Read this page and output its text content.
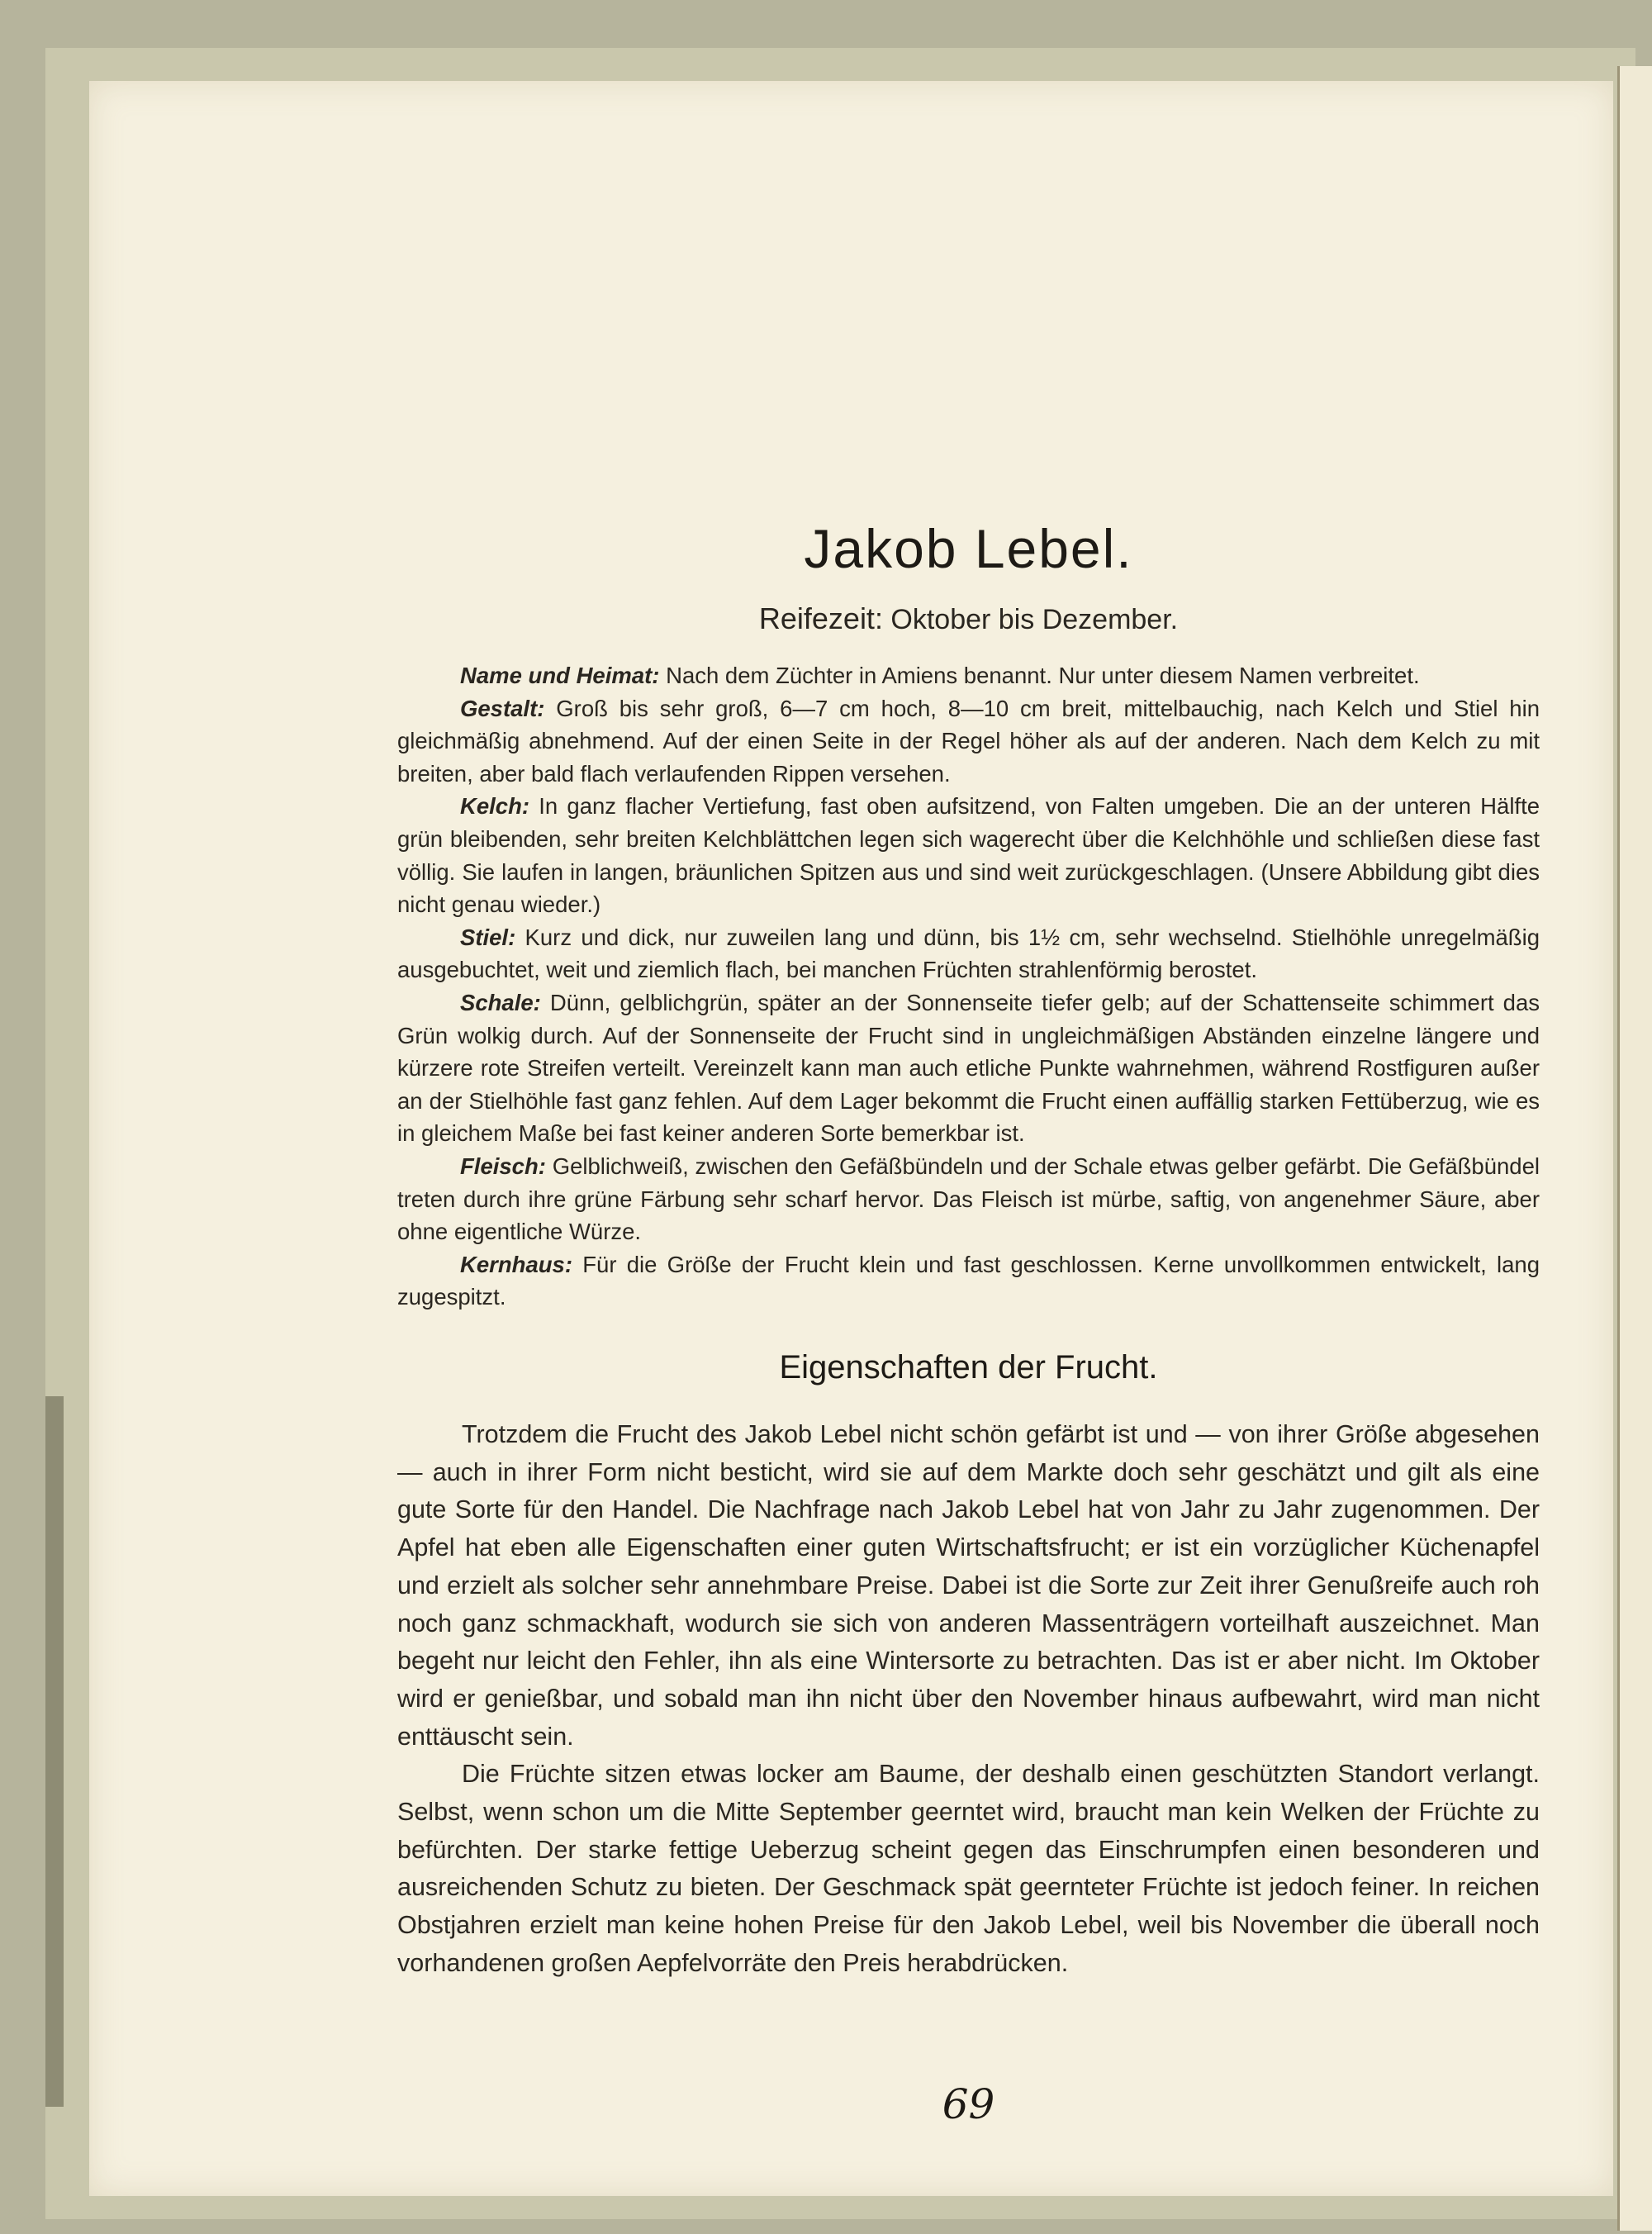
Jakob Lebel.
Reifezeit: Oktober bis Dezember.

Name und Heimat: Nach dem Züchter in Amiens benannt. Nur unter diesem Namen verbreitet.

Gestalt: Groß bis sehr groß, 6—7 cm hoch, 8—10 cm breit, mittelbauchig, nach Kelch und Stiel hin gleichmäßig abnehmend. Auf der einen Seite in der Regel höher als auf der anderen. Nach dem Kelch zu mit breiten, aber bald flach verlaufenden Rippen versehen.

Kelch: In ganz flacher Vertiefung, fast oben aufsitzend, von Falten umgeben. Die an der unteren Hälfte grün bleibenden, sehr breiten Kelchblättchen legen sich wagerecht über die Kelchhöhle und schließen diese fast völlig. Sie laufen in langen, bräunlichen Spitzen aus und sind weit zurückgeschlagen. (Unsere Abbildung gibt dies nicht genau wieder.)

Stiel: Kurz und dick, nur zuweilen lang und dünn, bis 1½ cm, sehr wechselnd. Stielhöhle unregelmäßig ausgebuchtet, weit und ziemlich flach, bei manchen Früchten strahlenförmig berostet.

Schale: Dünn, gelblichgrün, später an der Sonnenseite tiefer gelb; auf der Schattenseite schimmert das Grün wolkig durch. Auf der Sonnenseite der Frucht sind in ungleichmäßigen Abständen einzelne längere und kürzere rote Streifen verteilt. Vereinzelt kann man auch etliche Punkte wahrnehmen, während Rostfiguren außer an der Stielhöhle fast ganz fehlen. Auf dem Lager bekommt die Frucht einen auffällig starken Fettüberzug, wie es in gleichem Maße bei fast keiner anderen Sorte bemerkbar ist.

Fleisch: Gelblichweiß, zwischen den Gefäßbündeln und der Schale etwas gelber gefärbt. Die Gefäßbündel treten durch ihre grüne Färbung sehr scharf hervor. Das Fleisch ist mürbe, saftig, von angenehmer Säure, aber ohne eigentliche Würze.

Kernhaus: Für die Größe der Frucht klein und fast geschlossen. Kerne unvollkommen entwickelt, lang zugespitzt.

Eigenschaften der Frucht.

Trotzdem die Frucht des Jakob Lebel nicht schön gefärbt ist und — von ihrer Größe abgesehen — auch in ihrer Form nicht besticht, wird sie auf dem Markte doch sehr geschätzt und gilt als eine gute Sorte für den Handel. Die Nachfrage nach Jakob Lebel hat von Jahr zu Jahr zugenommen. Der Apfel hat eben alle Eigenschaften einer guten Wirtschaftsfrucht; er ist ein vorzüglicher Küchenapfel und erzielt als solcher sehr annehmbare Preise. Dabei ist die Sorte zur Zeit ihrer Genußreife auch roh noch ganz schmackhaft, wodurch sie sich von anderen Massenträgern vorteilhaft auszeichnet. Man begeht nur leicht den Fehler, ihn als eine Wintersorte zu betrachten. Das ist er aber nicht. Im Oktober wird er genießbar, und sobald man ihn nicht über den November hinaus aufbewahrt, wird man nicht enttäuscht sein.

Die Früchte sitzen etwas locker am Baume, der deshalb einen geschützten Standort verlangt. Selbst, wenn schon um die Mitte September geerntet wird, braucht man kein Welken der Früchte zu befürchten. Der starke fettige Ueberzug scheint gegen das Einschrumpfen einen besonderen und ausreichenden Schutz zu bieten. Der Geschmack spät geernteter Früchte ist jedoch feiner. In reichen Obstjahren erzielt man keine hohen Preise für den Jakob Lebel, weil bis November die überall noch vorhandenen großen Aepfelvorräte den Preis herabdrücken.

69
